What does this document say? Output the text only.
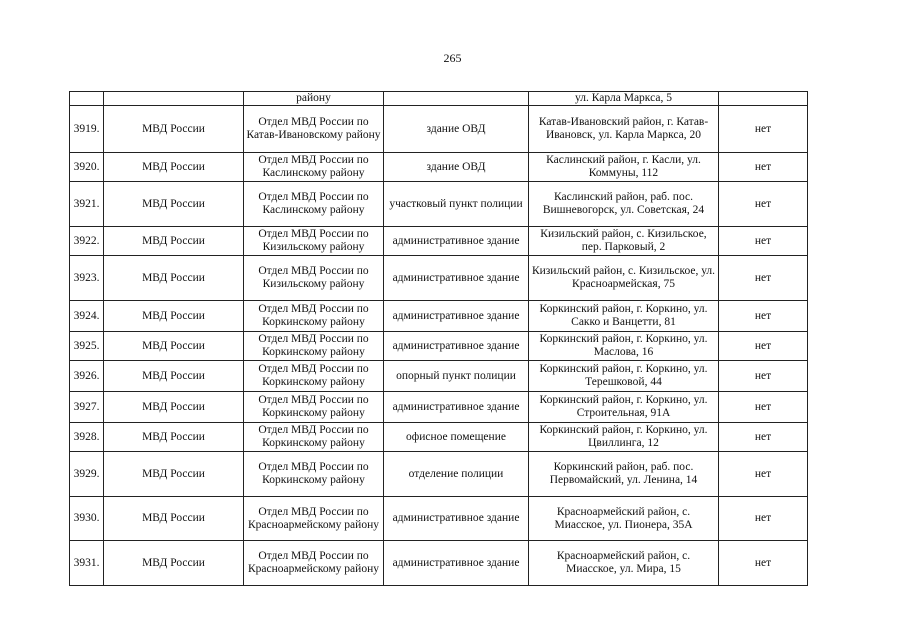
265
		району		ул. Карла Маркса, 5	
3919.	МВД России	Отдел МВД России по Катав-Ивановскому району	здание ОВД	Катав-Ивановский район, г. Катав-Ивановск, ул. Карла Маркса, 20	нет
3920.	МВД России	Отдел МВД России по Каслинскому району	здание ОВД	Каслинский район, г. Касли, ул. Коммуны, 112	нет
3921.	МВД России	Отдел МВД России по Каслинскому району	участковый пункт полиции	Каслинский район, раб. пос. Вишневогорск, ул. Советская, 24	нет
3922.	МВД России	Отдел МВД России по Кизильскому району	административное здание	Кизильский район, с. Кизильское, пер. Парковый, 2	нет
3923.	МВД России	Отдел МВД России по Кизильскому району	административное здание	Кизильский район, с. Кизильское, ул. Красноармейская, 75	нет
3924.	МВД России	Отдел МВД России по Коркинскому району	административное здание	Коркинский район, г. Коркино, ул. Сакко и Ванцетти, 81	нет
3925.	МВД России	Отдел МВД России по Коркинскому району	административное здание	Коркинский район, г. Коркино, ул. Маслова, 16	нет
3926.	МВД России	Отдел МВД России по Коркинскому району	опорный пункт полиции	Коркинский район, г. Коркино, ул. Терешковой, 44	нет
3927.	МВД России	Отдел МВД России по Коркинскому району	административное здание	Коркинский район, г. Коркино, ул. Строительная, 91А	нет
3928.	МВД России	Отдел МВД России по Коркинскому району	офисное помещение	Коркинский район, г. Коркино, ул. Цвиллинга, 12	нет
3929.	МВД России	Отдел МВД России по Коркинскому району	отделение полиции	Коркинский район, раб. пос. Первомайский, ул. Ленина, 14	нет
3930.	МВД России	Отдел МВД России по Красноармейскому району	административное здание	Красноармейский район, с. Миасское, ул. Пионера, 35А	нет
3931.	МВД России	Отдел МВД России по Красноармейскому району	административное здание	Красноармейский район, с. Миасское, ул. Мира, 15	нет
